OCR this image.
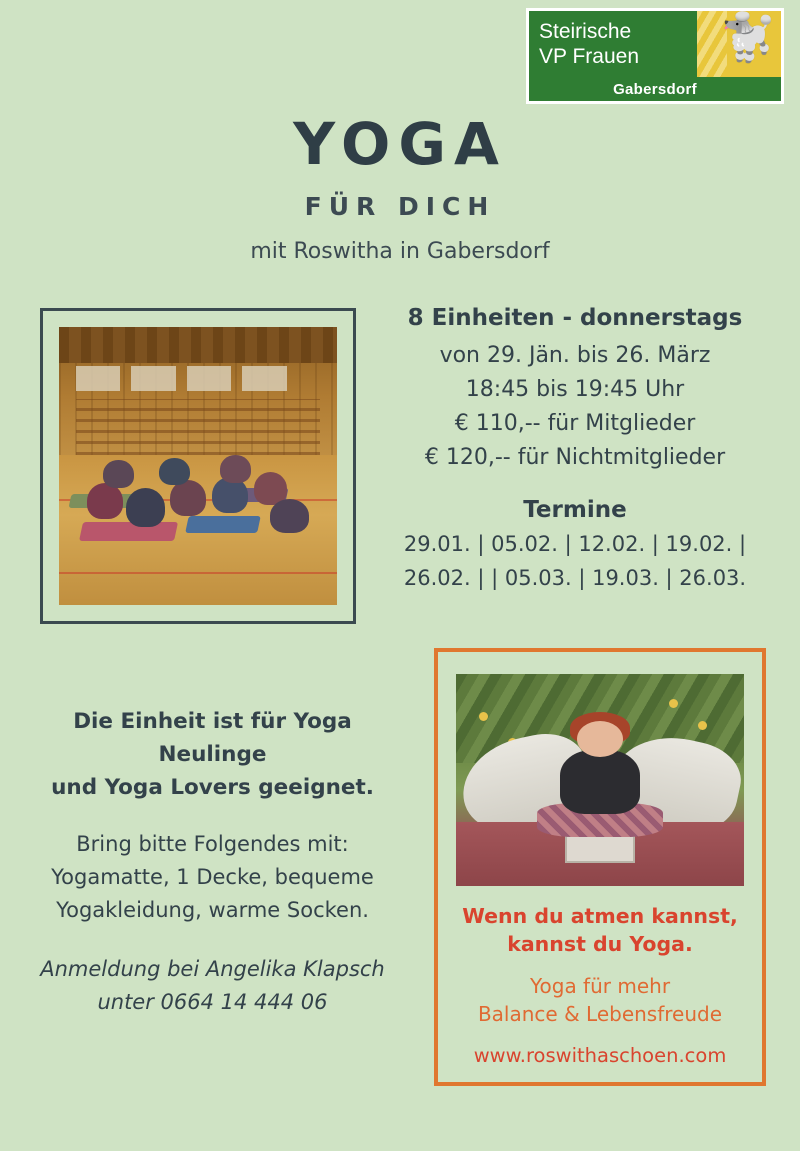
Steirische
VP Frauen	🐩
Gabersdorf
YOGA
FÜR DICH
mit Roswitha in Gabersdorf
8 Einheiten - donnerstags
von 29. Jän. bis 26. März
18:45 bis 19:45 Uhr
€ 110,-- für Mitglieder
€ 120,-- für Nichtmitglieder
Termine
29.01. | 05.02. | 12.02. | 19.02. |
26.02. | | 05.03. | 19.03. | 26.03.
Die Einheit ist für Yoga Neulinge
und Yoga Lovers geeignet.
Bring bitte Folgendes mit:
Yogamatte, 1 Decke, bequeme
Yogakleidung, warme Socken.
Anmeldung bei Angelika Klapsch
unter 0664 14 444 06
Wenn du atmen kannst,
kannst du Yoga.
Yoga für mehr
Balance & Lebensfreude
www.roswithaschoen.com
